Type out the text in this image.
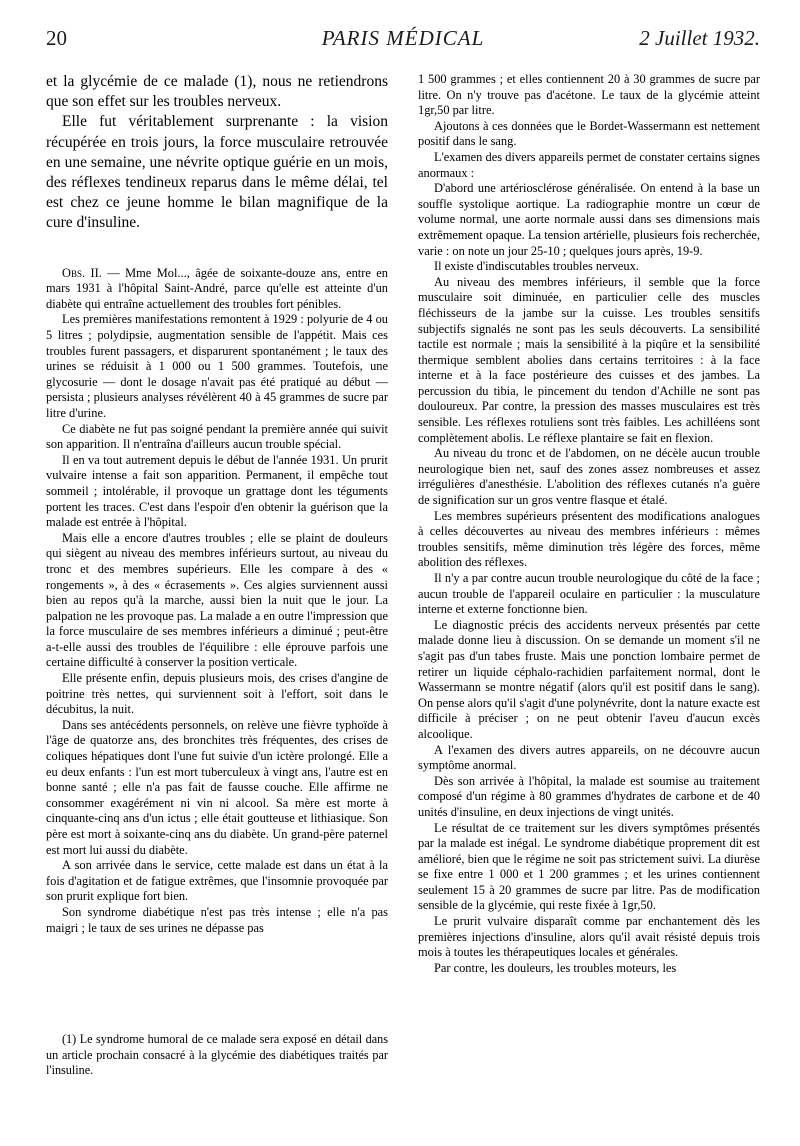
20	PARIS MÉDICAL	2 Juillet 1932.

et la glycémie de ce malade (1), nous ne retiendrons que son effet sur les troubles nerveux.

Elle fut véritablement surprenante : la vision récupérée en trois jours, la force musculaire retrouvée en une semaine, une névrite optique guérie en un mois, des réflexes tendineux reparus dans le même délai, tel est chez ce jeune homme le bilan magnifique de la cure d'insuline.

Obs. II. — Mme Mol..., âgée de soixante-douze ans, entre en mars 1931 à l'hôpital Saint-André, parce qu'elle est atteinte d'un diabète qui entraîne actuellement des troubles fort pénibles.

Les premières manifestations remontent à 1929 : polyurie de 4 ou 5 litres ; polydipsie, augmentation sensible de l'appétit. Mais ces troubles furent passagers, et disparurent spontanément ; le taux des urines se réduisit à 1 000 ou 1 500 grammes. Toutefois, une glycosurie — dont le dosage n'avait pas été pratiqué au début — persista ; plusieurs analyses révélèrent 40 à 45 grammes de sucre par litre d'urine.

Ce diabète ne fut pas soigné pendant la première année qui suivit son apparition. Il n'entraîna d'ailleurs aucun trouble spécial.

Il en va tout autrement depuis le début de l'année 1931. Un prurit vulvaire intense a fait son apparition. Permanent, il empêche tout sommeil ; intolérable, il provoque un grattage dont les téguments portent les traces. C'est dans l'espoir d'en obtenir la guérison que la malade est entrée à l'hôpital.

Mais elle a encore d'autres troubles ; elle se plaint de douleurs qui siègent au niveau des membres inférieurs surtout, au niveau du tronc et des membres supérieurs. Elle les compare à des « rongements », à des « écrasements ». Ces algies surviennent aussi bien au repos qu'à la marche, aussi bien la nuit que le jour. La palpation ne les provoque pas. La malade a en outre l'impression que la force musculaire de ses membres inférieurs a diminué ; peut-être a-t-elle aussi des troubles de l'équilibre : elle éprouve parfois une certaine difficulté à conserver la position verticale.

Elle présente enfin, depuis plusieurs mois, des crises d'angine de poitrine très nettes, qui surviennent soit à l'effort, soit dans le décubitus, la nuit.

Dans ses antécédents personnels, on relève une fièvre typhoïde à l'âge de quatorze ans, des bronchites très fréquentes, des crises de coliques hépatiques dont l'une fut suivie d'un ictère prolongé. Elle a eu deux enfants : l'un est mort tuberculeux à vingt ans, l'autre est en bonne santé ; elle n'a pas fait de fausse couche. Elle affirme ne consommer exagérément ni vin ni alcool. Sa mère est morte à cinquante-cinq ans d'un ictus ; elle était goutteuse et lithiasique. Son père est mort à soixante-cinq ans du diabète. Un grand-père paternel est mort lui aussi du diabète.

A son arrivée dans le service, cette malade est dans un état à la fois d'agitation et de fatigue extrêmes, que l'insomnie provoquée par son prurit explique fort bien.

Son syndrome diabétique n'est pas très intense ; elle n'a pas maigri ; le taux de ses urines ne dépasse pas

(1) Le syndrome humoral de ce malade sera exposé en détail dans un article prochain consacré à la glycémie des diabétiques traités par l'insuline.

1 500 grammes ; et elles contiennent 20 à 30 grammes de sucre par litre. On n'y trouve pas d'acétone. Le taux de la glycémie atteint 1gr,50 par litre.

Ajoutons à ces données que le Bordet-Wassermann est nettement positif dans le sang.

L'examen des divers appareils permet de constater certains signes anormaux :

D'abord une artériosclérose généralisée. On entend à la base un souffle systolique aortique. La radiographie montre un cœur de volume normal, une aorte normale aussi dans ses dimensions mais extrêmement opaque. La tension artérielle, plusieurs fois recherchée, varie : on note un jour 25-10 ; quelques jours après, 19-9.

Il existe d'indiscutables troubles nerveux.

Au niveau des membres inférieurs, il semble que la force musculaire soit diminuée, en particulier celle des muscles fléchisseurs de la jambe sur la cuisse. Les troubles sensitifs subjectifs signalés ne sont pas les seuls découverts. La sensibilité tactile est normale ; mais la sensibilité à la piqûre et la sensibilité thermique semblent abolies dans certains territoires : à la face interne et à la face postérieure des cuisses et des jambes. La percussion du tibia, le pincement du tendon d'Achille ne sont pas douloureux. Par contre, la pression des masses musculaires est très sensible. Les réflexes rotuliens sont très faibles. Les achilléens sont complètement abolis. Le réflexe plantaire se fait en flexion.

Au niveau du tronc et de l'abdomen, on ne décèle aucun trouble neurologique bien net, sauf des zones assez nombreuses et assez irrégulières d'anesthésie. L'abolition des réflexes cutanés n'a guère de signification sur un gros ventre flasque et étalé.

Les membres supérieurs présentent des modifications analogues à celles découvertes au niveau des membres inférieurs : mêmes troubles sensitifs, même diminution très légère des forces, même abolition des réflexes.

Il n'y a par contre aucun trouble neurologique du côté de la face ; aucun trouble de l'appareil oculaire en particulier : la musculature interne et externe fonctionne bien.

Le diagnostic précis des accidents nerveux présentés par cette malade donne lieu à discussion. On se demande un moment s'il ne s'agit pas d'un tabes fruste. Mais une ponction lombaire permet de retirer un liquide céphalo-rachidien parfaitement normal, dont le Wassermann se montre négatif (alors qu'il est positif dans le sang). On pense alors qu'il s'agit d'une polynévrite, dont la nature exacte est difficile à préciser ; on ne peut obtenir l'aveu d'aucun excès alcoolique.

A l'examen des divers autres appareils, on ne découvre aucun symptôme anormal.

Dès son arrivée à l'hôpital, la malade est soumise au traitement composé d'un régime à 80 grammes d'hydrates de carbone et de 40 unités d'insuline, en deux injections de vingt unités.

Le résultat de ce traitement sur les divers symptômes présentés par la malade est inégal. Le syndrome diabétique proprement dit est amélioré, bien que le régime ne soit pas strictement suivi. La diurèse se fixe entre 1 000 et 1 200 grammes ; et les urines contiennent seulement 15 à 20 grammes de sucre par litre. Pas de modification sensible de la glycémie, qui reste fixée à 1gr,50.

Le prurit vulvaire disparaît comme par enchantement dès les premières injections d'insuline, alors qu'il avait résisté depuis trois mois à toutes les thérapeutiques locales et générales.

Par contre, les douleurs, les troubles moteurs, les
